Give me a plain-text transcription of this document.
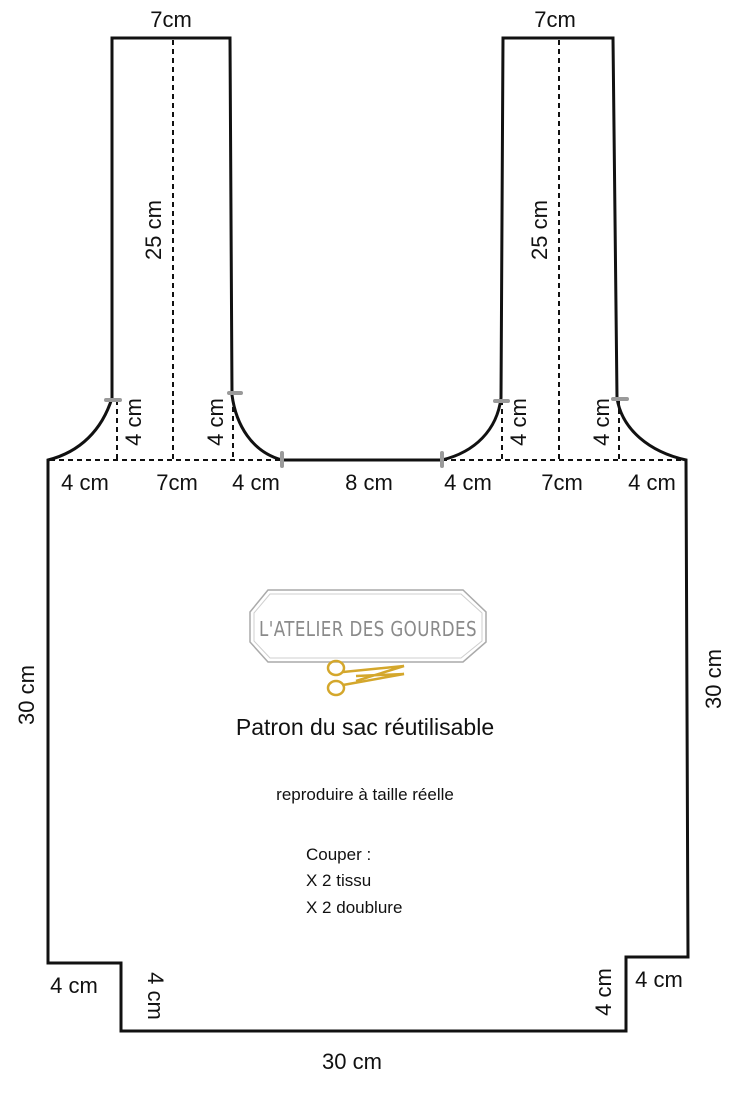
7cm	7cm
4 cm 7cm 4 cm	8 cm 4 cm 7cm 4 cm
4 cm	4 cm
30 cm
25 cm	25 cm
4 cm	4 cm	4 cm	4 cm
30 cm	30 cm
4 cm	4 cm
L'ATELIER DES GOURDES
Patron du sac réutilisable
reproduire à taille réelle
Couper :
X 2 tissu
X 2 doublure
